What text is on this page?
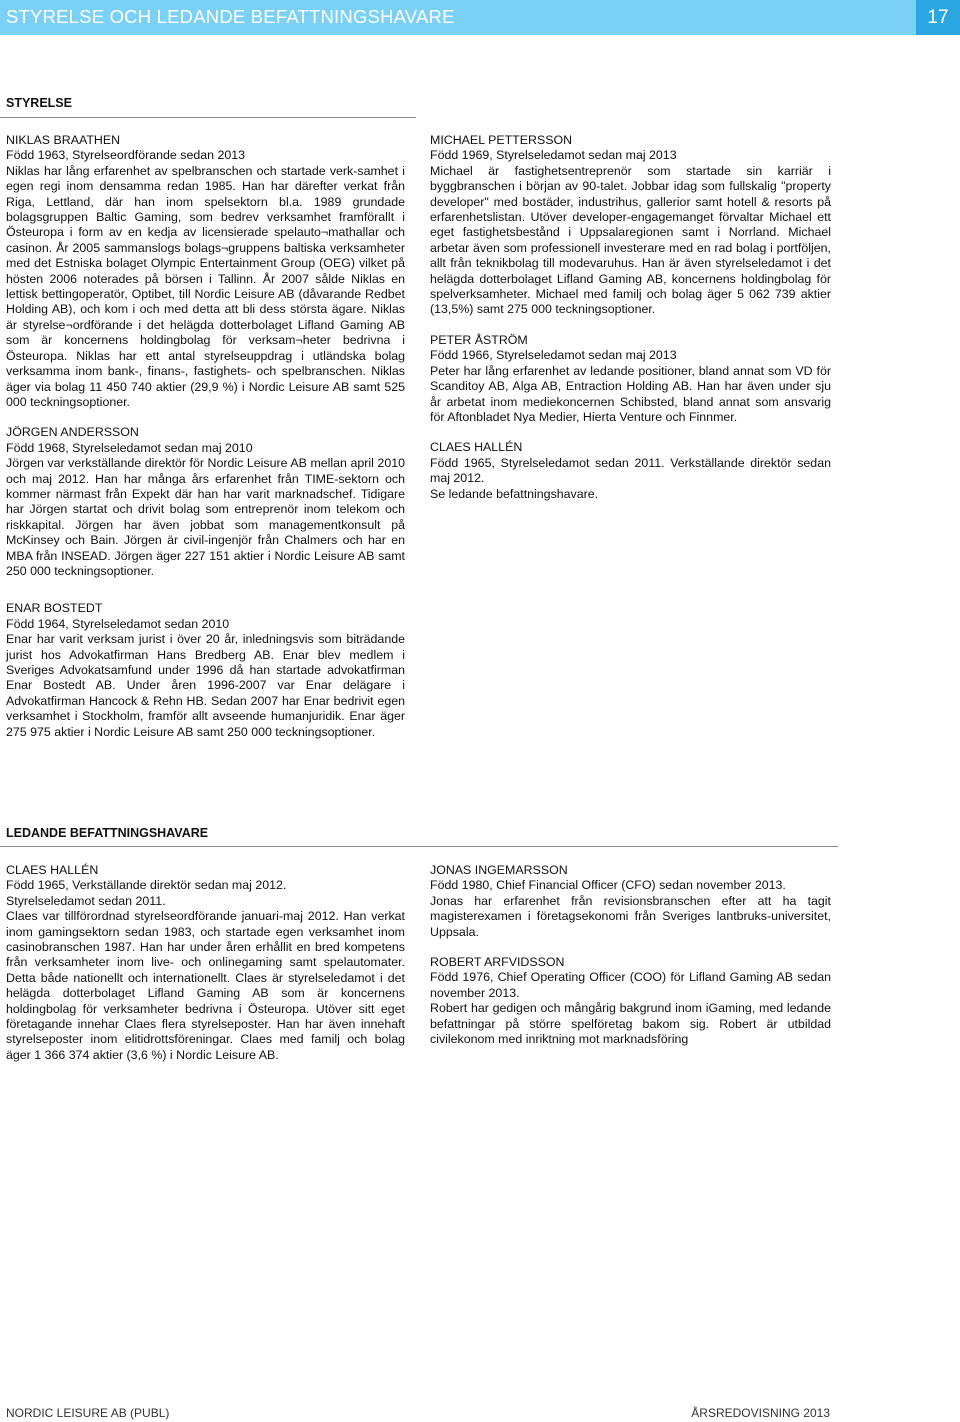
STYRELSE OCH LEDANDE BEFATTNINGSHAVARE	17
STYRELSE

NIKLAS BRAATHEN

Född 1963, Styrelseordförande sedan 2013

Niklas har lång erfarenhet av spelbranschen och startade verk-samhet i egen regi inom densamma redan 1985. Han har därefter verkat från Riga, Lettland, där han inom spelsektorn bl.a. 1989 grundade bolagsgruppen Baltic Gaming, som bedrev verksamhet framförallt i Östeuropa i form av en kedja av licensierade spelauto¬mathallar och casinon. År 2005 sammanslogs bolags¬gruppens baltiska verksamheter med det Estniska bolaget Olympic Entertainment Group (OEG) vilket på hösten 2006 noterades på börsen i Tallinn. År 2007 sålde Niklas en lettisk bettingoperatör, Optibet, till Nordic Leisure AB (dåvarande Redbet Holding AB), och kom i och med detta att bli dess största ägare. Niklas är styrelse¬ordförande i det helägda dotterbolaget Lifland Gaming AB som är koncernens holdingbolag för verksam¬heter bedrivna i Östeuropa. Niklas har ett antal styrelseuppdrag i utländska bolag verksamma inom bank-, finans-, fastighets- och spelbranschen. Niklas äger via bolag 11 450 740 aktier (29,9 %) i Nordic Leisure AB samt 525 000 teckningsoptioner.

JÖRGEN ANDERSSON

Född 1968, Styrelseledamot sedan maj 2010

Jörgen var verkställande direktör för Nordic Leisure AB mellan april 2010 och maj 2012. Han har många års erfarenhet från TIME-sektorn och kommer närmast från Expekt där han har varit marknadschef. Tidigare har Jörgen startat och drivit bolag som entreprenör inom telekom och riskkapital. Jörgen har även jobbat som managementkonsult på McKinsey och Bain. Jörgen är civil-ingenjör från Chalmers och har en MBA från INSEAD. Jörgen äger 227 151 aktier i Nordic Leisure AB samt 250 000 teckningsoptioner.

ENAR BOSTEDT

Född 1964, Styrelseledamot sedan 2010

Enar har varit verksam jurist i över 20 år, inledningsvis som biträdande jurist hos Advokatfirman Hans Bredberg AB. Enar blev medlem i Sveriges Advokatsamfund under 1996 då han startade advokatfirman Enar Bostedt AB. Under åren 1996-2007 var Enar delägare i Advokatfirman Hancock & Rehn HB. Sedan 2007 har Enar bedrivit egen verksamhet i Stockholm, framför allt avseende humanjuridik. Enar äger 275 975 aktier i Nordic Leisure AB samt 250 000 teckningsoptioner.

MICHAEL PETTERSSON

Född 1969, Styrelseledamot sedan maj 2013

Michael är fastighetsentreprenör som startade sin karriär i byggbranschen i början av 90-talet. Jobbar idag som fullskalig "property developer" med bostäder, industrihus, gallerior samt hotell & resorts på erfarenhetslistan. Utöver developer-engagemanget förvaltar Michael ett eget fastighetsbestånd i Uppsalaregionen samt i Norrland. Michael arbetar även som professionell investerare med en rad bolag i portföljen, allt från teknikbolag till modevaruhus. Han är även styrelseledamot i det helägda dotterbolaget Lifland Gaming AB, koncernens holdingbolag för spelverksamheter. Michael med familj och bolag äger 5 062 739 aktier (13,5%) samt 275 000 teckningsoptioner.

PETER ÅSTRÖM

Född 1966, Styrelseledamot sedan maj 2013

Peter har lång erfarenhet av ledande positioner, bland annat som VD för Scanditoy AB, Alga AB, Entraction Holding AB. Han har även under sju år arbetat inom mediekoncernen Schibsted, bland annat som ansvarig för Aftonbladet Nya Medier, Hierta Venture och Finnmer.

CLAES HALLÉN

Född 1965, Styrelseledamot sedan 2011. Verkställande direktör sedan maj 2012.

Se ledande befattningshavare.

LEDANDE BEFATTNINGSHAVARE

CLAES HALLÉN

Född 1965, Verkställande direktör sedan maj 2012.

Styrelseledamot sedan 2011.

Claes var tillförordnad styrelseordförande januari-maj 2012. Han verkat inom gamingsektorn sedan 1983, och startade egen verksamhet inom casinobranschen 1987. Han har under åren erhållit en bred kompetens från verksamheter inom live- och onlinegaming samt spelautomater. Detta både nationellt och internationellt. Claes är styrelseledamot i det helägda dotterbolaget Lifland Gaming AB som är koncernens holdingbolag för verksamheter bedrivna i Östeuropa. Utöver sitt eget företagande innehar Claes flera styrelseposter. Han har även innehaft styrelseposter inom elitidrottsföreningar. Claes med familj och bolag äger 1 366 374 aktier (3,6 %) i Nordic Leisure AB.

JONAS INGEMARSSON

Född 1980, Chief Financial Officer (CFO) sedan november 2013.

Jonas har erfarenhet från revisionsbranschen efter att ha tagit magisterexamen i företagsekonomi från Sveriges lantbruks-universitet, Uppsala.

ROBERT ARFVIDSSON

Född 1976, Chief Operating Officer (COO) för Lifland Gaming AB sedan november 2013.

Robert har gedigen och mångårig bakgrund inom iGaming, med ledande befattningar på större spelföretag bakom sig. Robert är utbildad civilekonom med inriktning mot marknadsföring

NORDIC LEISURE AB (PUBL)	ÅRSREDOVISNING 2013
